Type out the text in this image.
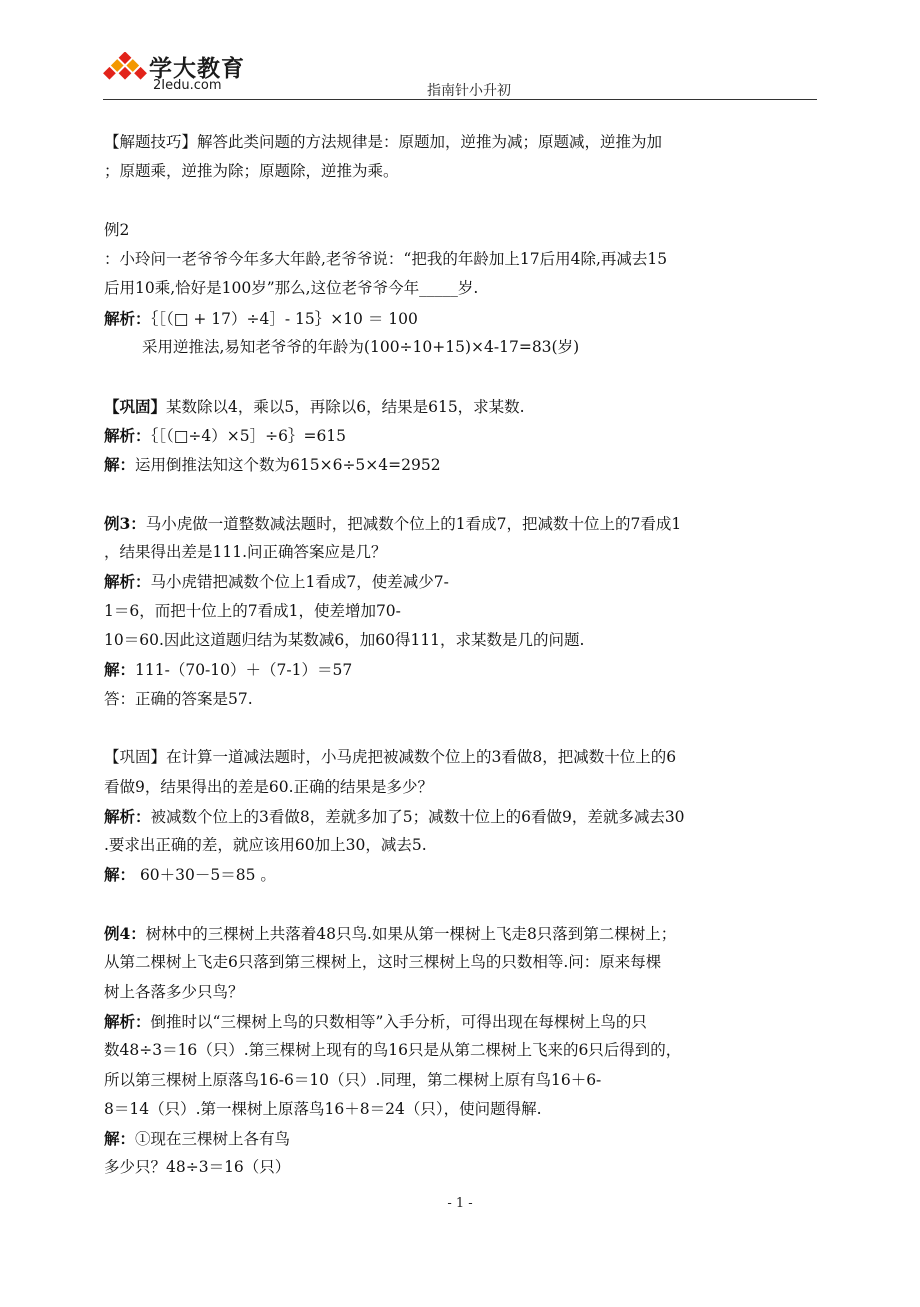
学大教育
2Iedu.com	指南针小升初
【解题技巧】解答此类问题的方法规律是：原题加，逆推为减；原题减，逆推为加
；原题乘，逆推为除；原题除，逆推为乘。
例2
：小玲问一老爷爷今年多大年龄,老爷爷说：“把我的年龄加上17后用4除,再减去15
后用10乘,恰好是100岁”那么,这位老爷爷今年_____岁.
解析：｛［（□ + 17）÷4］- 15｝×10 ＝ 100
采用逆推法,易知老爷爷的年龄为(100÷10+15)×4-17=83(岁)
【巩固】某数除以4，乘以5，再除以6，结果是615，求某数.
解析：｛［（□÷4）×5］÷6｝=615
解：运用倒推法知这个数为615×6÷5×4=2952
例3：马小虎做一道整数减法题时，把减数个位上的1看成7，把减数十位上的7看成1
，结果得出差是111.问正确答案应是几？
解析：马小虎错把减数个位上1看成7，使差减少7-
1＝6，而把十位上的7看成1，使差增加70-
10＝60.因此这道题归结为某数减6，加60得111，求某数是几的问题.
解：111-（70-10）＋（7-1）＝57
答：正确的答案是57.
【巩固】在计算一道减法题时，小马虎把被减数个位上的3看做8，把减数十位上的6
看做9，结果得出的差是60.正确的结果是多少？
解析：被减数个位上的3看做8，差就多加了5；减数十位上的6看做9，差就多减去30
.要求出正确的差，就应该用60加上30，减去5.
解： 60＋30－5＝85 。
例4：树林中的三棵树上共落着48只鸟.如果从第一棵树上飞走8只落到第二棵树上；
从第二棵树上飞走6只落到第三棵树上，这时三棵树上鸟的只数相等.问：原来每棵
树上各落多少只鸟？
解析：倒推时以“三棵树上鸟的只数相等”入手分析，可得出现在每棵树上鸟的只
数48÷3＝16（只）.第三棵树上现有的鸟16只是从第二棵树上飞来的6只后得到的，
所以第三棵树上原落鸟16-6＝10（只）.同理，第二棵树上原有鸟16＋6-
8＝14（只）.第一棵树上原落鸟16＋8＝24（只），使问题得解.
解：①现在三棵树上各有鸟
多少只？48÷3＝16（只）
- 1 -
